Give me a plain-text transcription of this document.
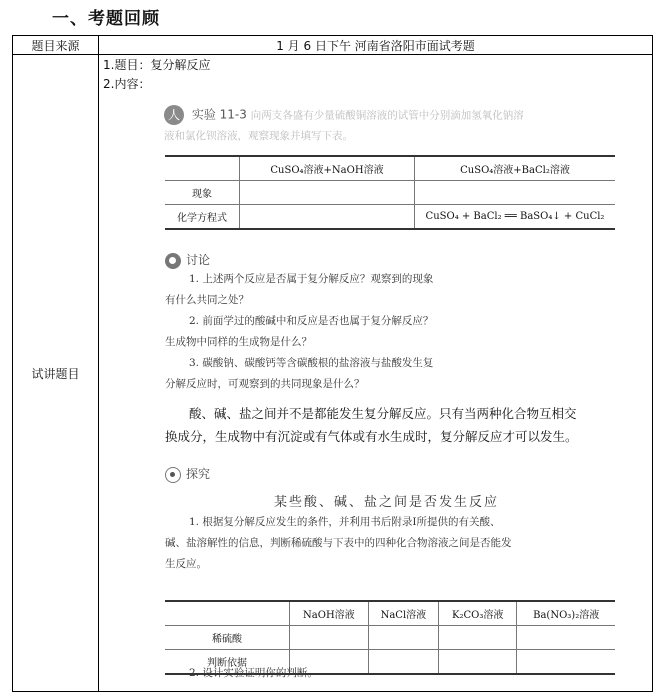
一、考题回顾
题目来源	1 月 6 日下午 河南省洛阳市面试考题
试讲题目	
1.题目：复分解反应
2.内容：
人 实验 11-3 向两支各盛有少量硫酸铜溶液的试管中分别滴加氢氧化钠溶
液和氯化钡溶液，观察现象并填写下表。
	CuSO₄溶液+NaOH溶液	CuSO₄溶液+BaCl₂溶液
现象		
化学方程式		CuSO₄ + BaCl₂ ══ BaSO₄↓ + CuCl₂
讨论
1. 上述两个反应是否属于复分解反应？观察到的现象
有什么共同之处？
2. 前面学过的酸碱中和反应是否也属于复分解反应？
生成物中同样的生成物是什么？
3. 碳酸钠、碳酸钙等含碳酸根的盐溶液与盐酸发生复
分解反应时，可观察到的共同现象是什么？
酸、碱、盐之间并不是都能发生复分解反应。只有当两种化合物互相交
换成分，生成物中有沉淀或有气体或有水生成时，复分解反应才可以发生。
探究
某些酸、碱、盐之间是否发生反应
1. 根据复分解反应发生的条件，并利用书后附录Ⅰ所提供的有关酸、
碱、盐溶解性的信息，判断稀硫酸与下表中的四种化合物溶液之间是否能发
生反应。
	NaOH溶液	NaCl溶液	K₂CO₃溶液	Ba(NO₃)₂溶液
稀硫酸				
判断依据				
2. 设计实验证明你的判断。
